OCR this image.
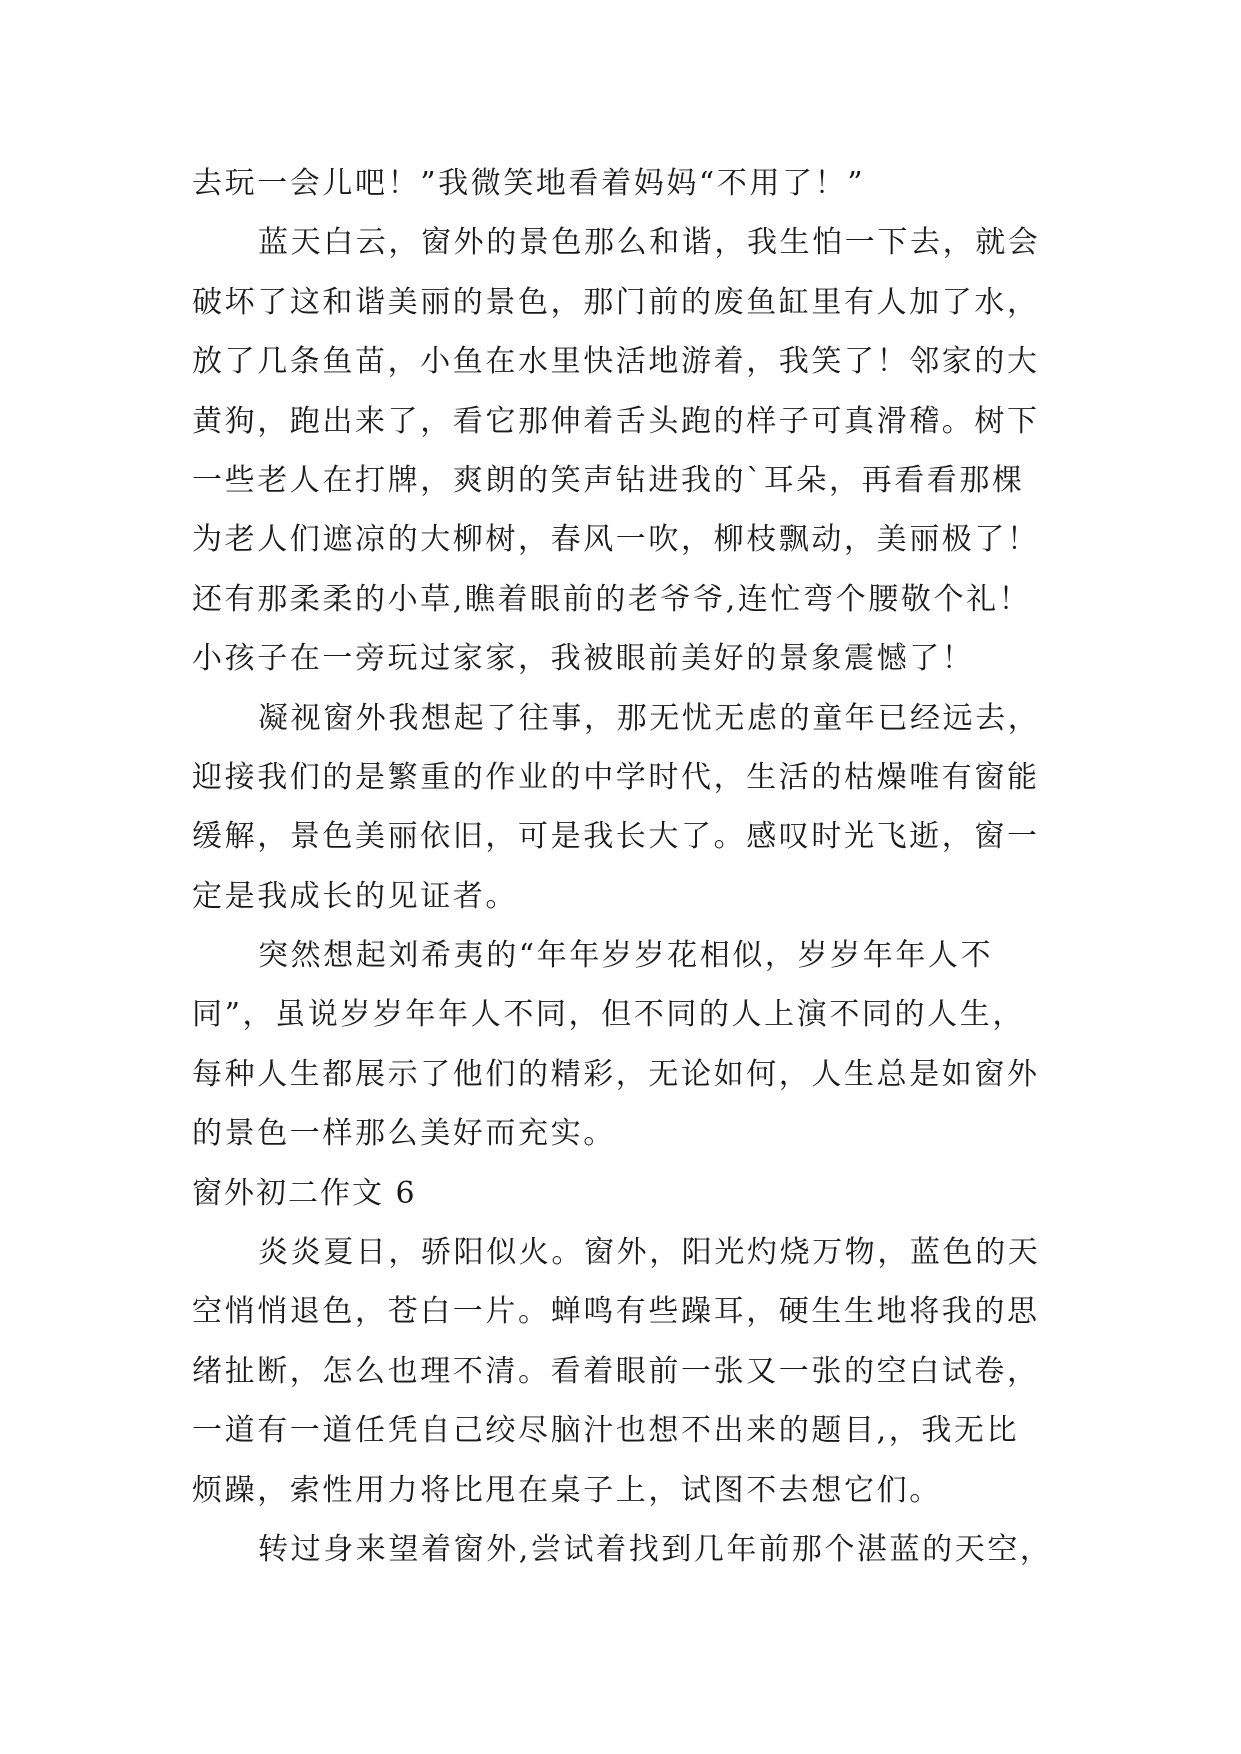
去玩一会儿吧！”我微笑地看着妈妈“不用了！”
蓝天白云，窗外的景色那么和谐，我生怕一下去，就会
破坏了这和谐美丽的景色，那门前的废鱼缸里有人加了水，
放了几条鱼苗，小鱼在水里快活地游着，我笑了！邻家的大
黄狗，跑出来了，看它那伸着舌头跑的样子可真滑稽。树下
一些老人在打牌，爽朗的笑声钻进我的`耳朵，再看看那棵
为老人们遮凉的大柳树，春风一吹，柳枝飘动，美丽极了！
还有那柔柔的小草,瞧着眼前的老爷爷,连忙弯个腰敬个礼！
小孩子在一旁玩过家家，我被眼前美好的景象震憾了！
凝视窗外我想起了往事，那无忧无虑的童年已经远去，
迎接我们的是繁重的作业的中学时代，生活的枯燥唯有窗能
缓解，景色美丽依旧，可是我长大了。感叹时光飞逝，窗一
定是我成长的见证者。
突然想起刘希夷的“年年岁岁花相似，岁岁年年人不
同”，虽说岁岁年年人不同，但不同的人上演不同的人生，
每种人生都展示了他们的精彩，无论如何，人生总是如窗外
的景色一样那么美好而充实。
窗外初二作文 6
炎炎夏日，骄阳似火。窗外，阳光灼烧万物，蓝色的天
空悄悄退色，苍白一片。蝉鸣有些躁耳，硬生生地将我的思
绪扯断，怎么也理不清。看着眼前一张又一张的空白试卷，
一道有一道任凭自己绞尽脑汁也想不出来的题目,，我无比
烦躁，索性用力将比甩在桌子上，试图不去想它们。
转过身来望着窗外,尝试着找到几年前那个湛蓝的天空，
